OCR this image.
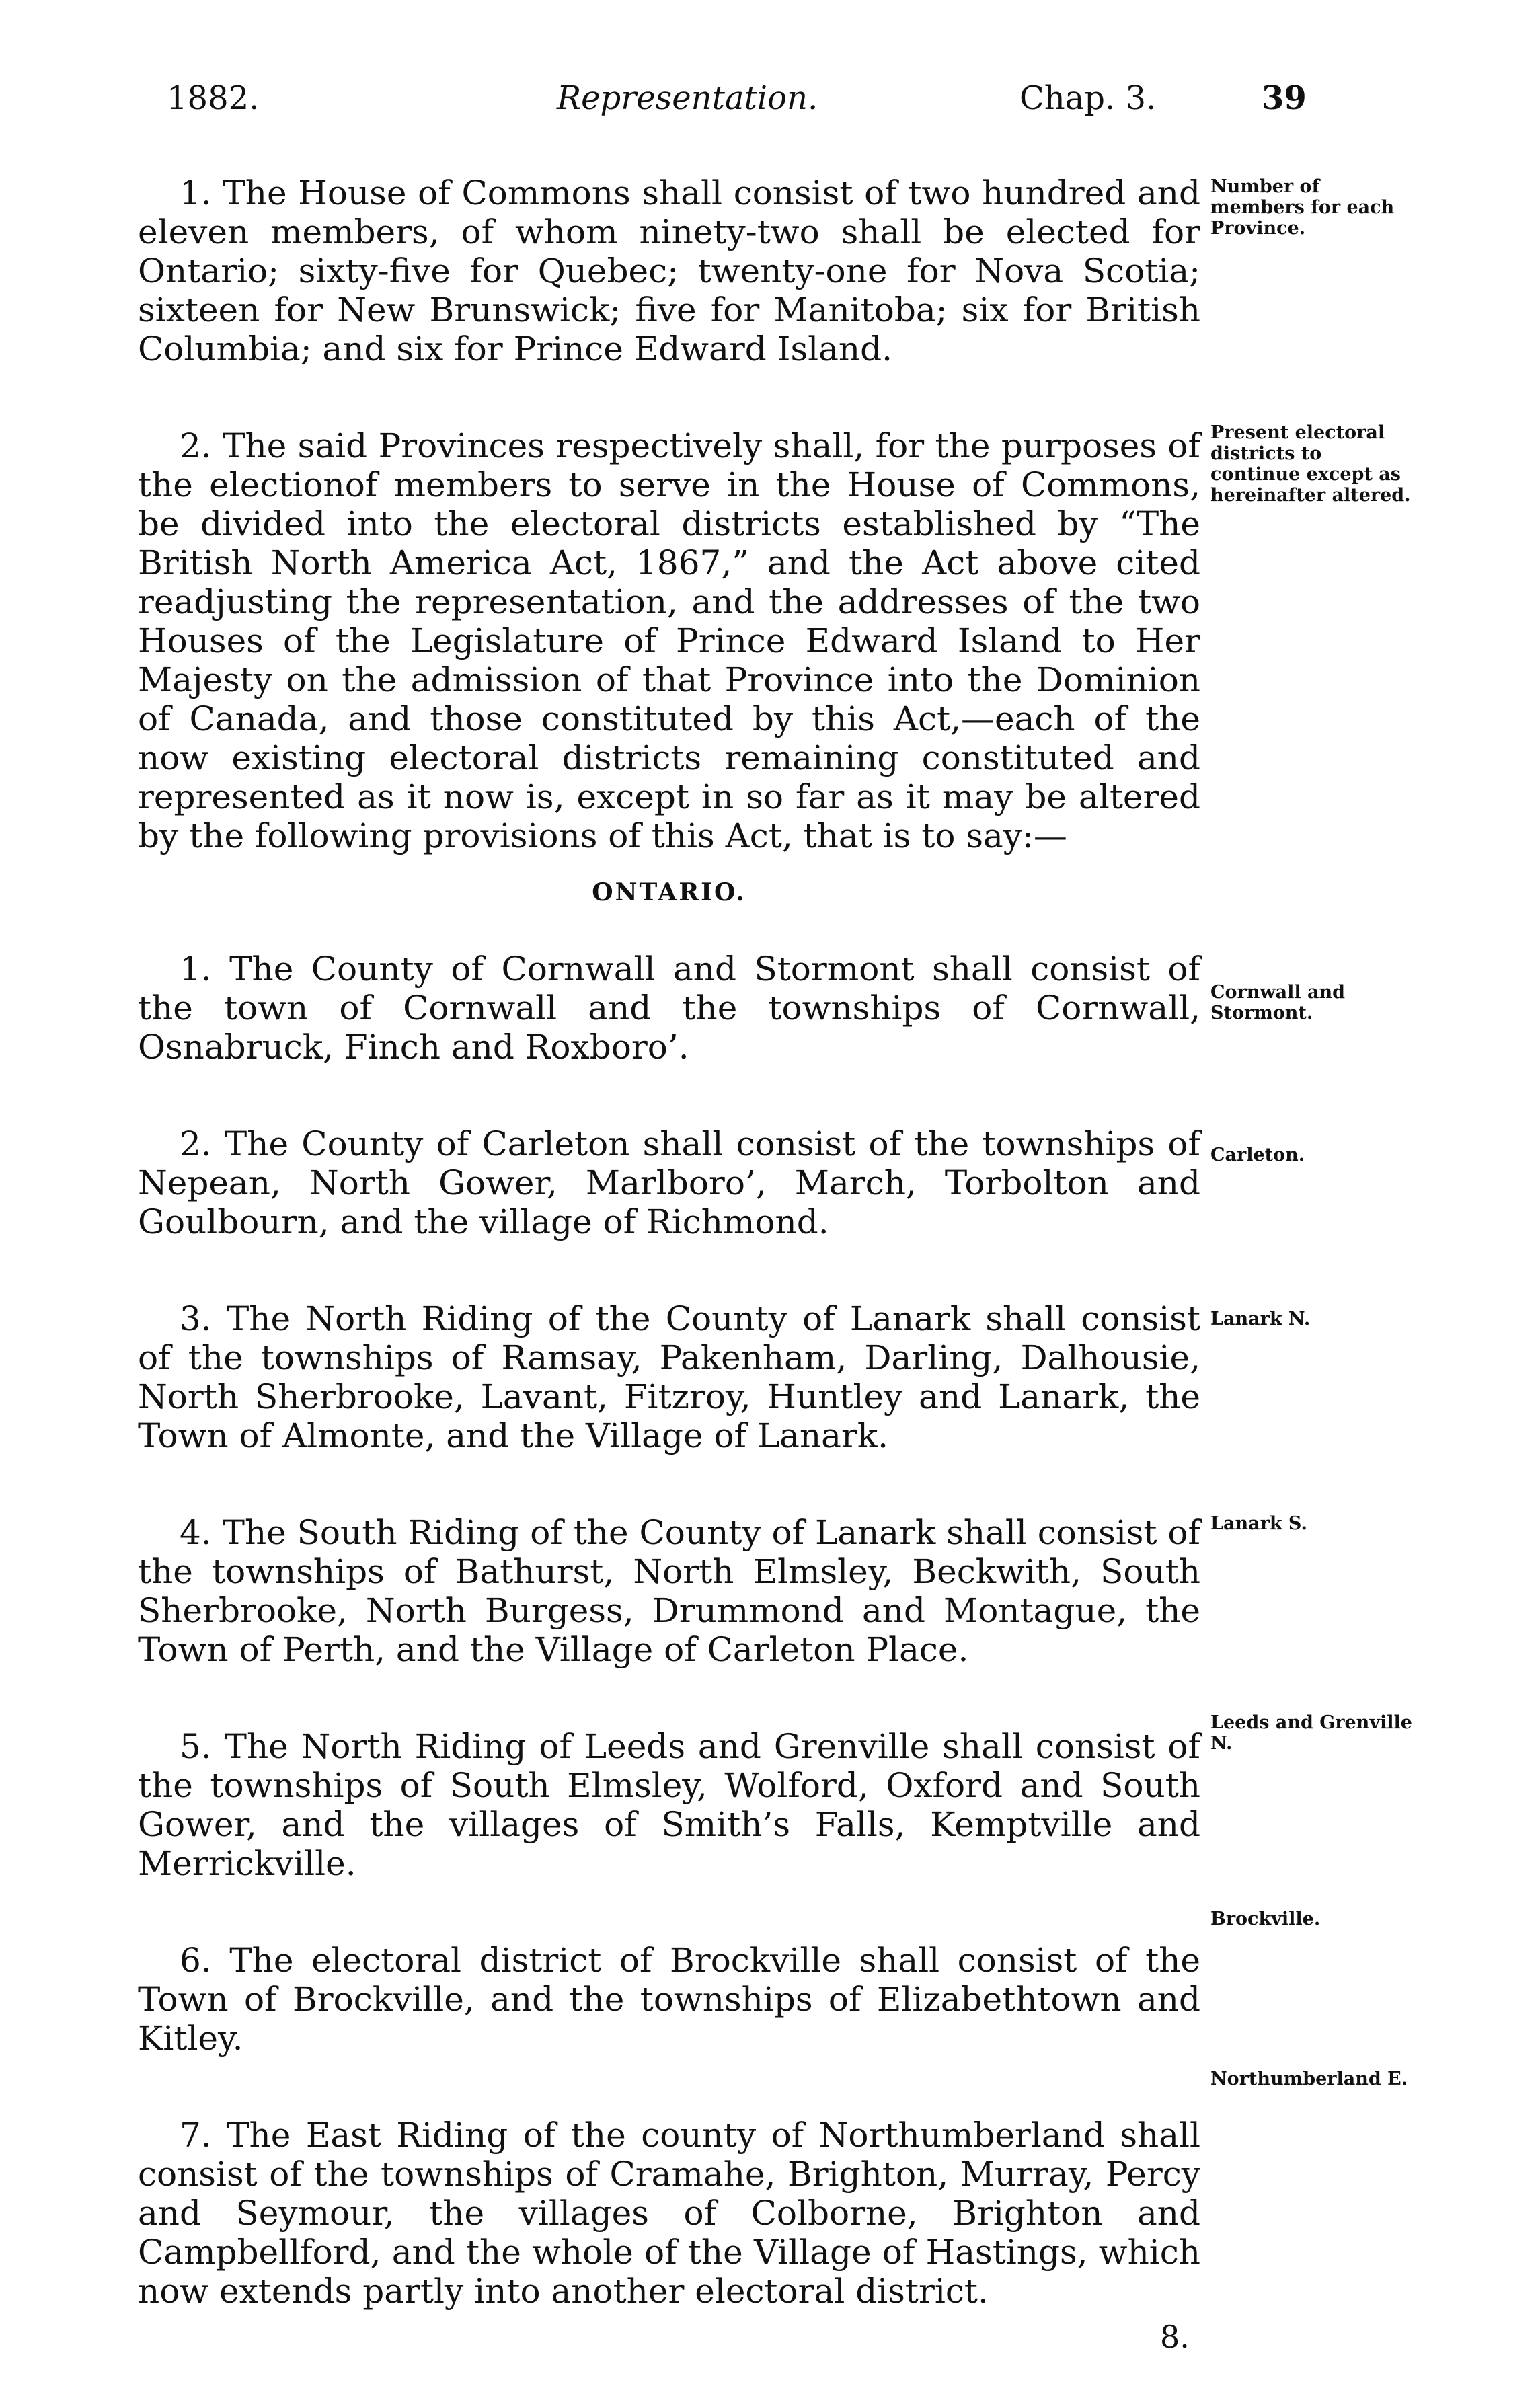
1882.	Representation.	Chap. 3.	39

1. The House of Commons shall consist of two hundred and eleven members, of whom ninety-two shall be elected for Ontario; sixty-five for Quebec; twenty-one for Nova Scotia; sixteen for New Brunswick; five for Manitoba; six for British Columbia; and six for Prince Edward Island.

2. The said Provinces respectively shall, for the purposes of the electionof members to serve in the House of Commons, be divided into the electoral districts established by “The British North America Act, 1867,” and the Act above cited readjusting the representation, and the addresses of the two Houses of the Legislature of Prince Edward Island to Her Majesty on the admission of that Province into the Dominion of Canada, and those constituted by this Act,—each of the now existing electoral districts remaining constituted and represented as it now is, except in so far as it may be altered by the following provisions of this Act, that is to say:—

ONTARIO.

1. The County of Cornwall and Stormont shall consist of the town of Cornwall and the townships of Cornwall, Osnabruck, Finch and Roxboro’.

2. The County of Carleton shall consist of the townships of Nepean, North Gower, Marlboro’, March, Torbolton and Goulbourn, and the village of Richmond.

3. The North Riding of the County of Lanark shall consist of the townships of Ramsay, Pakenham, Darling, Dalhousie, North Sherbrooke, Lavant, Fitzroy, Huntley and Lanark, the Town of Almonte, and the Village of Lanark.

4. The South Riding of the County of Lanark shall consist of the townships of Bathurst, North Elmsley, Beckwith, South Sherbrooke, North Burgess, Drummond and Montague, the Town of Perth, and the Village of Carleton Place.

5. The North Riding of Leeds and Grenville shall consist of the townships of South Elmsley, Wolford, Oxford and South Gower, and the villages of Smith’s Falls, Kemptville and Merrickville.

6. The electoral district of Brockville shall consist of the Town of Brockville, and the townships of Elizabethtown and Kitley.

7. The East Riding of the county of Northumberland shall consist of the townships of Cramahe, Brighton, Murray, Percy and Seymour, the villages of Colborne, Brighton and Campbellford, and the whole of the Village of Hastings, which now extends partly into another electoral district.

Number of members for each Province.
Present electoral districts to continue except as hereinafter altered.
Cornwall and Stormont.
Carleton.
Lanark N.
Lanark S.
Leeds and Grenville N.
Brockville.
Northumberland E.
8.
